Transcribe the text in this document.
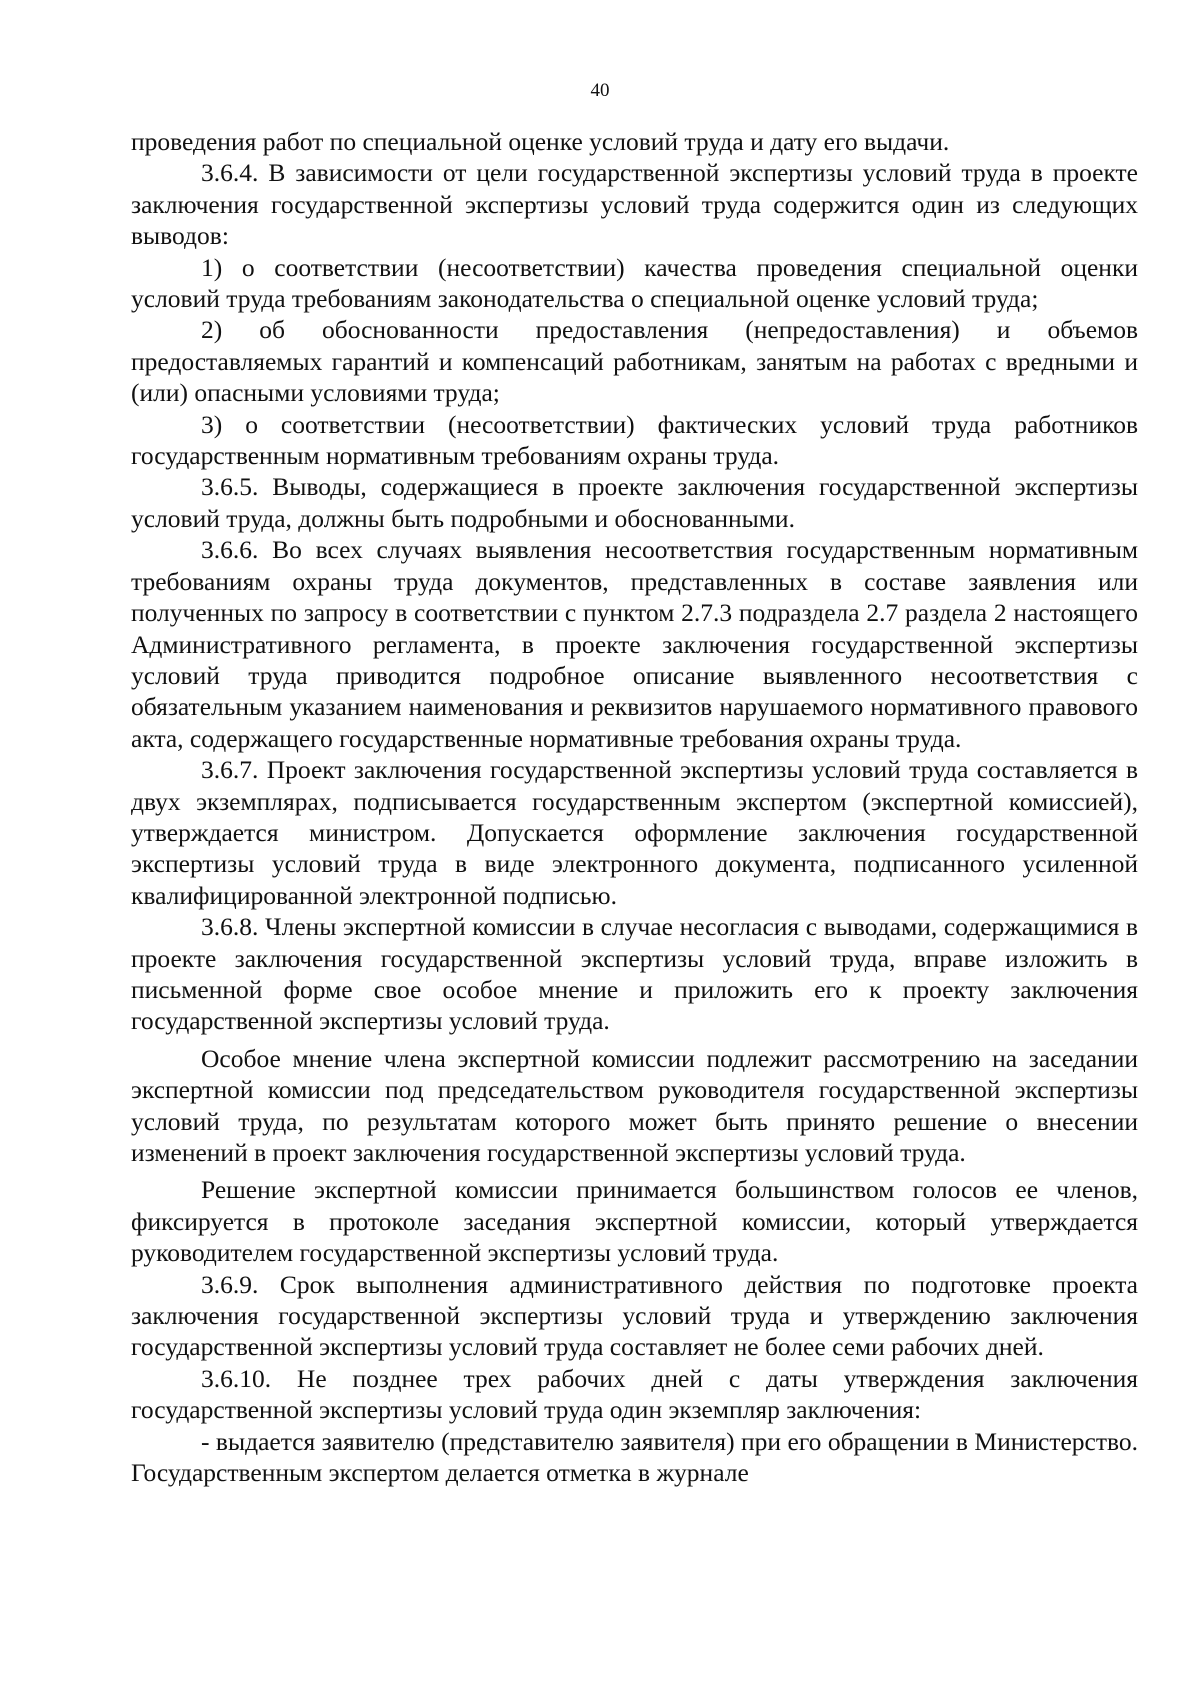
40

проведения работ по специальной оценке условий труда и дату его выдачи.

3.6.4. В зависимости от цели государственной экспертизы условий труда в проекте заключения государственной экспертизы условий труда содержится один из следующих выводов:

1) о соответствии (несоответствии) качества проведения специальной оценки условий труда требованиям законодательства о специальной оценке условий труда;

2) об обоснованности предоставления (непредоставления) и объемов предоставляемых гарантий и компенсаций работникам, занятым на работах с вредными и (или) опасными условиями труда;

3) о соответствии (несоответствии) фактических условий труда работников государственным нормативным требованиям охраны труда.

3.6.5. Выводы, содержащиеся в проекте заключения государственной экспертизы условий труда, должны быть подробными и обоснованными.

3.6.6. Во всех случаях выявления несоответствия государственным нормативным требованиям охраны труда документов, представленных в составе заявления или полученных по запросу в соответствии с пунктом 2.7.3 подраздела 2.7 раздела 2 настоящего Административного регламента, в проекте заключения государственной экспертизы условий труда приводится подробное описание выявленного несоответствия с обязательным указанием наименования и реквизитов нарушаемого нормативного правового акта, содержащего государственные нормативные требования охраны труда.

3.6.7. Проект заключения государственной экспертизы условий труда составляется в двух экземплярах, подписывается государственным экспертом (экспертной комиссией), утверждается министром. Допускается оформление заключения государственной экспертизы условий труда в виде электронного документа, подписанного усиленной квалифицированной электронной подписью.

3.6.8. Члены экспертной комиссии в случае несогласия с выводами, содержащимися в проекте заключения государственной экспертизы условий труда, вправе изложить в письменной форме свое особое мнение и приложить его к проекту заключения государственной экспертизы условий труда.

Особое мнение члена экспертной комиссии подлежит рассмотрению на заседании экспертной комиссии под председательством руководителя государственной экспертизы условий труда, по результатам которого может быть принято решение о внесении изменений в проект заключения государственной экспертизы условий труда.

Решение экспертной комиссии принимается большинством голосов ее членов, фиксируется в протоколе заседания экспертной комиссии, который утверждается руководителем государственной экспертизы условий труда.

3.6.9. Срок выполнения административного действия по подготовке проекта заключения государственной экспертизы условий труда и утверждению заключения государственной экспертизы условий труда составляет не более семи рабочих дней.

3.6.10. Не позднее трех рабочих дней с даты утверждения заключения государственной экспертизы условий труда один экземпляр заключения:

- выдается заявителю (представителю заявителя) при его обращении в Министерство. Государственным экспертом делается отметка в журнале
